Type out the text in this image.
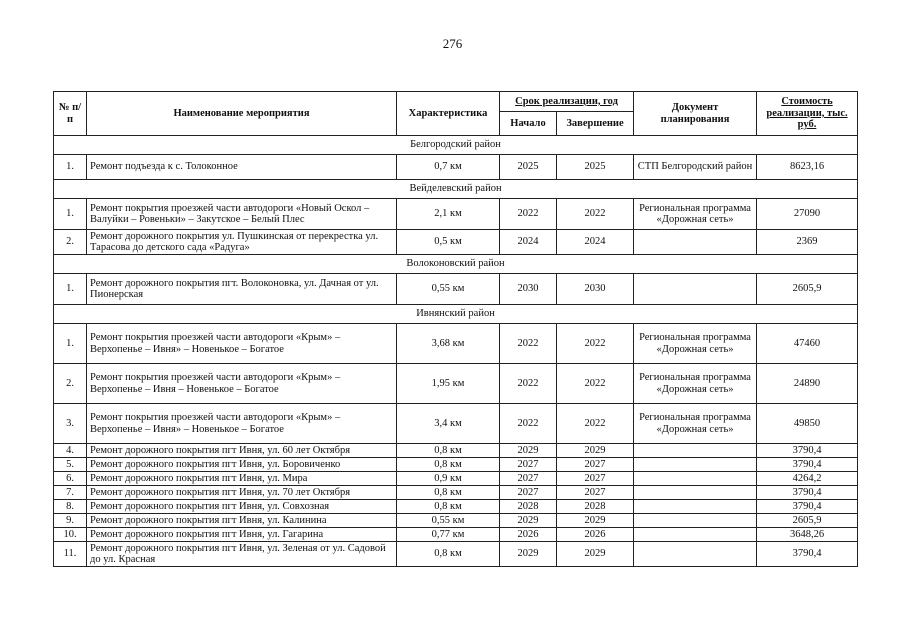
276
№ п/п	Наименование мероприятия	Характеристика	Срок реализации, год		Документ планирования	Стоимость реализации, тыс. руб.
			Начало	Завершение		
Белгородский район						
1.	Ремонт подъезда к с. Толоконное	0,7 км	2025	2025	СТП Белгородский район	8623,16
Вейделевский район						
1.	Ремонт покрытия проезжей части автодороги «Новый Оскол – Валуйки – Ровеньки» – Закутское – Белый Плес	2,1 км	2022	2022	Региональная программа «Дорожная сеть»	27090
2.	Ремонт дорожного покрытия ул. Пушкинская от перекрестка ул. Тарасова до детского сада «Радуга»	0,5 км	2024	2024		2369
Волоконовский район						
1.	Ремонт дорожного покрытия пгт. Волоконовка, ул. Дачная от ул. Пионерская	0,55 км	2030	2030		2605,9
Ивнянский район						
1.	Ремонт покрытия проезжей части автодороги «Крым» – Верхопенье – Ивня» – Новенькое – Богатое	3,68 км	2022	2022	Региональная программа «Дорожная сеть»	47460
2.	Ремонт покрытия проезжей части автодороги «Крым» – Верхопенье – Ивня – Новенькое – Богатое	1,95 км	2022	2022	Региональная программа «Дорожная сеть»	24890
3.	Ремонт покрытия проезжей части автодороги «Крым» – Верхопенье – Ивня» – Новенькое – Богатое	3,4 км	2022	2022	Региональная программа «Дорожная сеть»	49850
4.	Ремонт дорожного покрытия пгт Ивня, ул. 60 лет Октября	0,8 км	2029	2029		3790,4
5.	Ремонт дорожного покрытия пгт Ивня, ул. Боровиченко	0,8 км	2027	2027		3790,4
6.	Ремонт дорожного покрытия пгт Ивня, ул. Мира	0,9 км	2027	2027		4264,2
7.	Ремонт дорожного покрытия пгт Ивня, ул. 70 лет Октября	0,8 км	2027	2027		3790,4
8.	Ремонт дорожного покрытия пгт Ивня, ул. Совхозная	0,8 км	2028	2028		3790,4
9.	Ремонт дорожного покрытия пгт Ивня, ул. Калинина	0,55 км	2029	2029		2605,9
10.	Ремонт дорожного покрытия пгт Ивня, ул. Гагарина	0,77 км	2026	2026		3648,26
11.	Ремонт дорожного покрытия пгт Ивня, ул. Зеленая от ул. Садовой до ул. Красная	0,8 км	2029	2029		3790,4
